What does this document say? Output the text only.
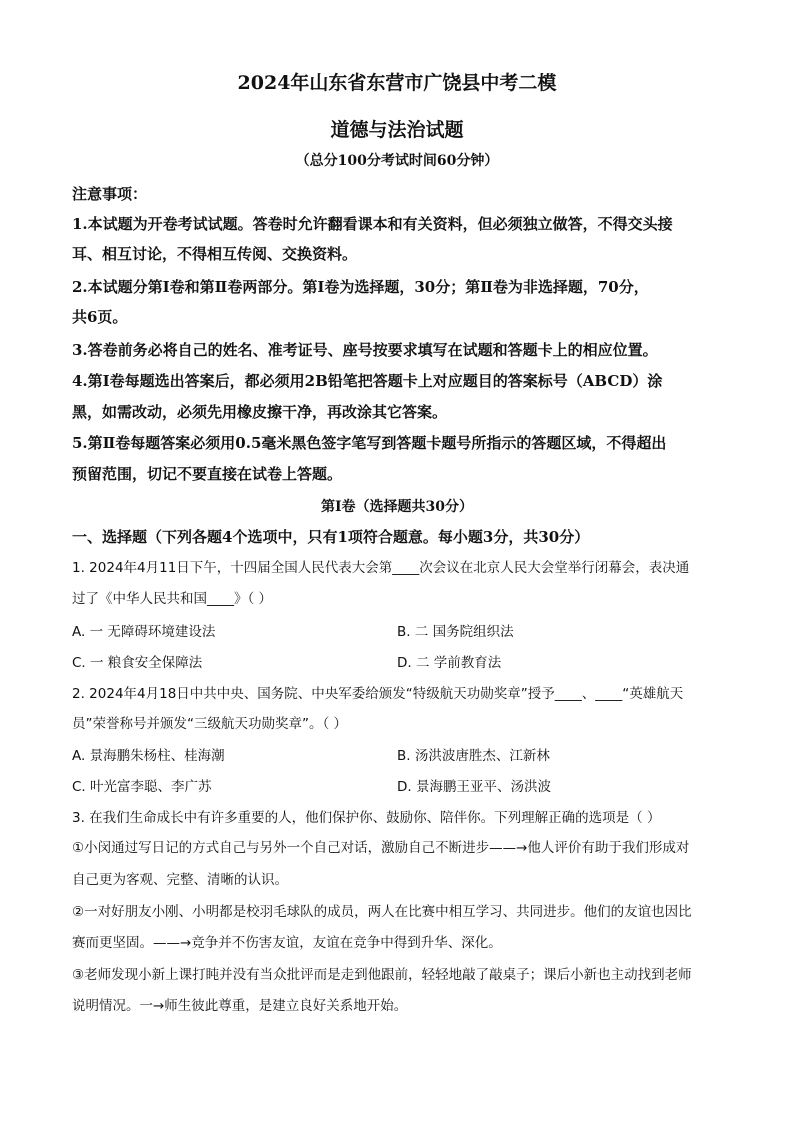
2024年山东省东营市广饶县中考二模
道德与法治试题
（总分100分考试时间60分钟）
注意事项：
1.本试题为开卷考试试题。答卷时允许翻看课本和有关资料，但必须独立做答，不得交头接
耳、相互讨论，不得相互传阅、交换资料。
2.本试题分第Ⅰ卷和第Ⅱ卷两部分。第Ⅰ卷为选择题，30分；第Ⅱ卷为非选择题，70分，
共6页。
3.答卷前务必将自己的姓名、准考证号、座号按要求填写在试题和答题卡上的相应位置。
4.第Ⅰ卷每题选出答案后，都必须用2B铅笔把答题卡上对应题目的答案标号（ABCD）涂
黑，如需改动，必须先用橡皮擦干净，再改涂其它答案。
5.第Ⅱ卷每题答案必须用0.5毫米黑色签字笔写到答题卡题号所指示的答题区域，不得超出
预留范围，切记不要直接在试卷上答题。
第Ⅰ卷（选择题共30分）
一、选择题（下列各题4个选项中，只有1项符合题意。每小题3分，共30分）
1. 2024年4月11日下午，十四届全国人民代表大会第____次会议在北京人民大会堂举行闭幕会，表决通
过了《中华人民共和国____》（ ）
A. 一 无障碍环境建设法	B. 二 国务院组织法
C. 一 粮食安全保障法	D. 二 学前教育法
2. 2024年4月18日中共中央、国务院、中央军委给颁发“特级航天功勋奖章”授予____、____“英雄航天
员”荣誉称号并颁发“三级航天功勋奖章”。（ ）
A. 景海鹏朱杨柱、桂海潮	B. 汤洪波唐胜杰、江新林
C. 叶光富李聪、李广苏	D. 景海鹏王亚平、汤洪波
3. 在我们生命成长中有许多重要的人，他们保护你、鼓励你、陪伴你。下列理解正确的选项是（ ）
①小闵通过写日记的方式自己与另外一个自己对话，激励自己不断进步——→他人评价有助于我们形成对
自己更为客观、完整、清晰的认识。
②一对好朋友小刚、小明都是校羽毛球队的成员，两人在比赛中相互学习、共同进步。他们的友谊也因比
赛而更坚固。——→竞争并不伤害友谊，友谊在竞争中得到升华、深化。
③老师发现小新上课打盹并没有当众批评而是走到他跟前，轻轻地敲了敲桌子；课后小新也主动找到老师
说明情况。一→师生彼此尊重，是建立良好关系地开始。
